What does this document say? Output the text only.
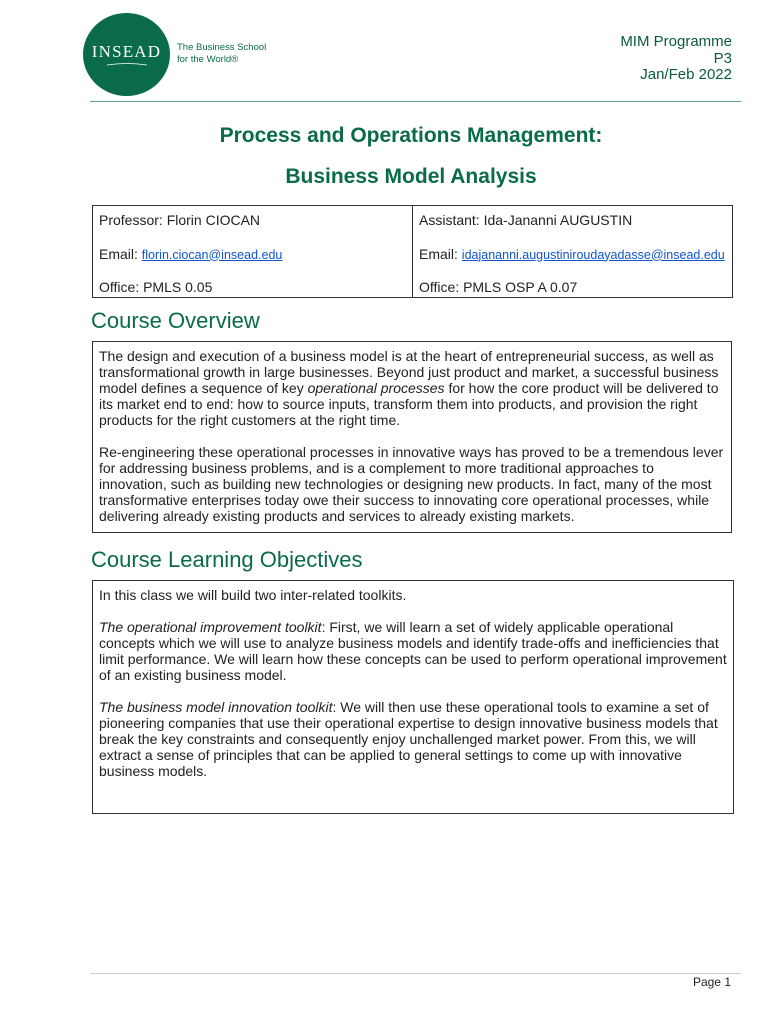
INSEAD The Business School
for the World®
MIM Programme
P3
Jan/Feb 2022
Process and Operations Management:
Business Model Analysis
Professor: Florin CIOCAN
Email: florin.ciocan@insead.edu
Office: PMLS 0.05

Assistant: Ida-Jananni AUGUSTIN
Email: idajananni.augustiniroudayadasse@insead.edu
Office: PMLS OSP A 0.07
Course Overview

The design and execution of a business model is at the heart of entrepreneurial success, as well as transformational growth in large businesses. Beyond just product and market, a successful business model defines a sequence of key operational processes for how the core product will be delivered to its market end to end: how to source inputs, transform them into products, and provision the right products for the right customers at the right time.

Re-engineering these operational processes in innovative ways has proved to be a tremendous lever for addressing business problems, and is a complement to more traditional approaches to innovation, such as building new technologies or designing new products. In fact, many of the most transformative enterprises today owe their success to innovating core operational processes, while delivering already existing products and services to already existing markets.

Course Learning Objectives

In this class we will build two inter-related toolkits.

The operational improvement toolkit: First, we will learn a set of widely applicable operational concepts which we will use to analyze business models and identify trade-offs and inefficiencies that limit performance. We will learn how these concepts can be used to perform operational improvement of an existing business model.

The business model innovation toolkit: We will then use these operational tools to examine a set of pioneering companies that use their operational expertise to design innovative business models that break the key constraints and consequently enjoy unchallenged market power. From this, we will extract a sense of principles that can be applied to general settings to come up with innovative business models.

Page 1
